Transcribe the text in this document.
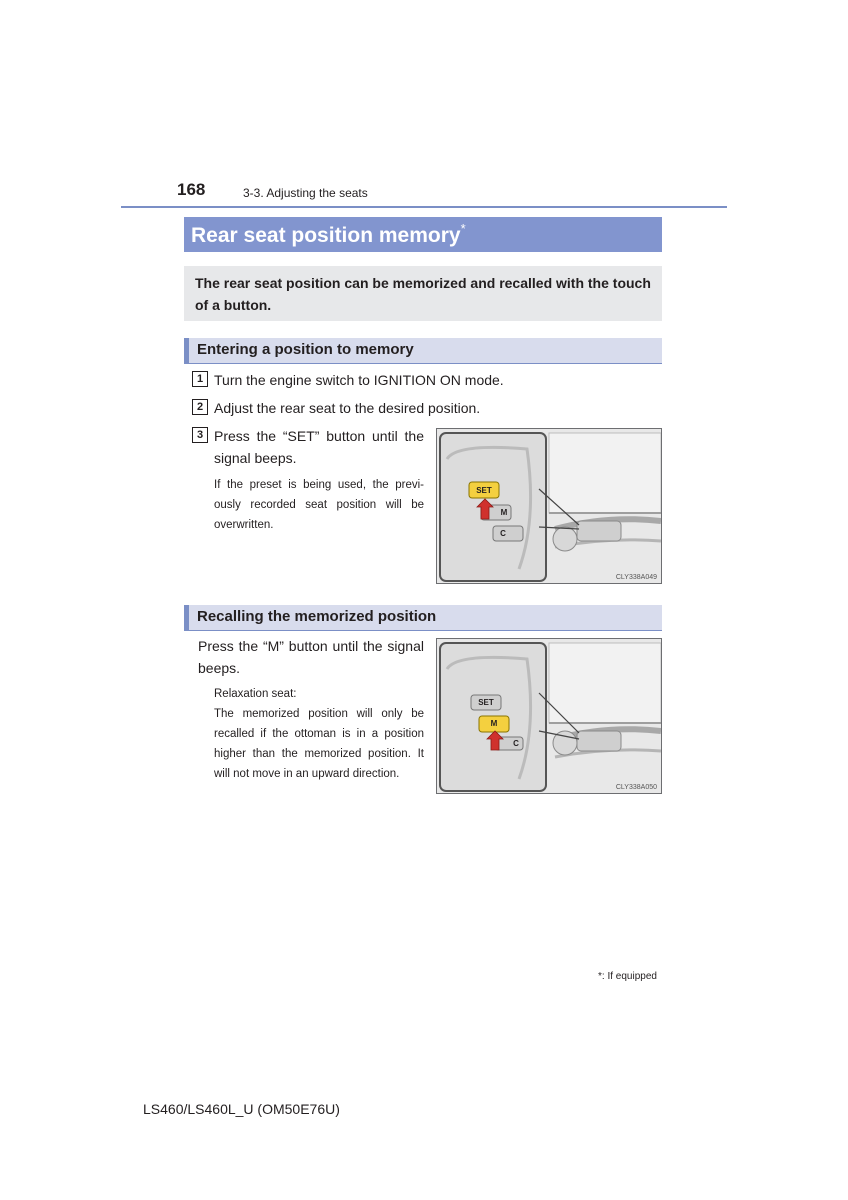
168	3-3. Adjusting the seats
Rear seat position memory*
The rear seat position can be memorized and recalled with the touch of a button.
Entering a position to memory
1 Turn the engine switch to IGNITION ON mode.
2 Adjust the rear seat to the desired position.
3 Press the “SET” button until the
signal beeps.
If the preset is being used, the previ-
ously recorded seat position will be
overwritten.
SET
M
C
CLY338A049
Recalling the memorized position
Press the “M” button until the signal
beeps.
Relaxation seat:
The memorized position will only be
recalled if the ottoman is in a position
higher than the memorized position. It
will not move in an upward direction.
SET
M
C
CLY338A050
*: If equipped
LS460/LS460L_U (OM50E76U)
